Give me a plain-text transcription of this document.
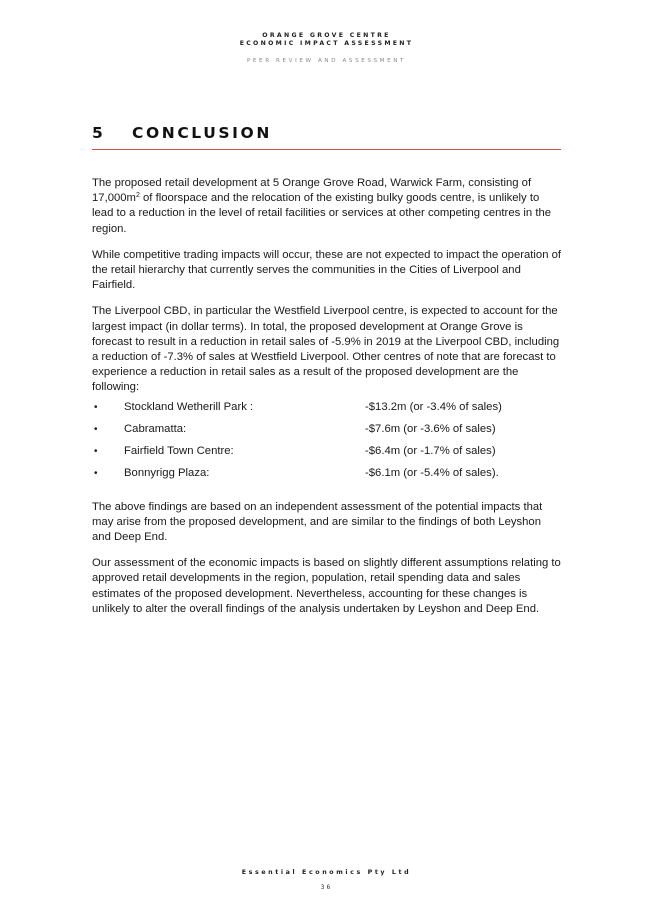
ORANGE GROVE CENTRE
ECONOMIC IMPACT ASSESSMENT
PEER REVIEW AND ASSESSMENT
5 CONCLUSION

The proposed retail development at 5 Orange Grove Road, Warwick Farm, consisting of $17,000m^2$ of floorspace and the relocation of the existing bulky goods centre, is unlikely to lead to a reduction in the level of retail facilities or services at other competing centres in the region.

While competitive trading impacts will occur, these are not expected to impact the operation of the retail hierarchy that currently serves the communities in the Cities of Liverpool and Fairfield.

The Liverpool CBD, in particular the Westfield Liverpool centre, is expected to account for the largest impact (in dollar terms). In total, the proposed development at Orange Grove is forecast to result in a reduction in retail sales of -5.9% in 2019 at the Liverpool CBD, including a reduction of -7.3% of sales at Westfield Liverpool. Other centres of note that are forecast to experience a reduction in retail sales as a result of the proposed development are the following:

• Stockland Wetherill Park :	-$13.2m (or -3.4% of sales)
• Cabramatta:	-$7.6m (or -3.6% of sales)
• Fairfield Town Centre:	-$6.4m (or -1.7% of sales)
• Bonnyrigg Plaza:	-$6.1m (or -5.4% of sales).

The above findings are based on an independent assessment of the potential impacts that may arise from the proposed development, and are similar to the findings of both Leyshon and Deep End.

Our assessment of the economic impacts is based on slightly different assumptions relating to approved retail developments in the region, population, retail spending data and sales estimates of the proposed development. Nevertheless, accounting for these changes is unlikely to alter the overall findings of the analysis undertaken by Leyshon and Deep End.

Essential Economics Pty Ltd
36
